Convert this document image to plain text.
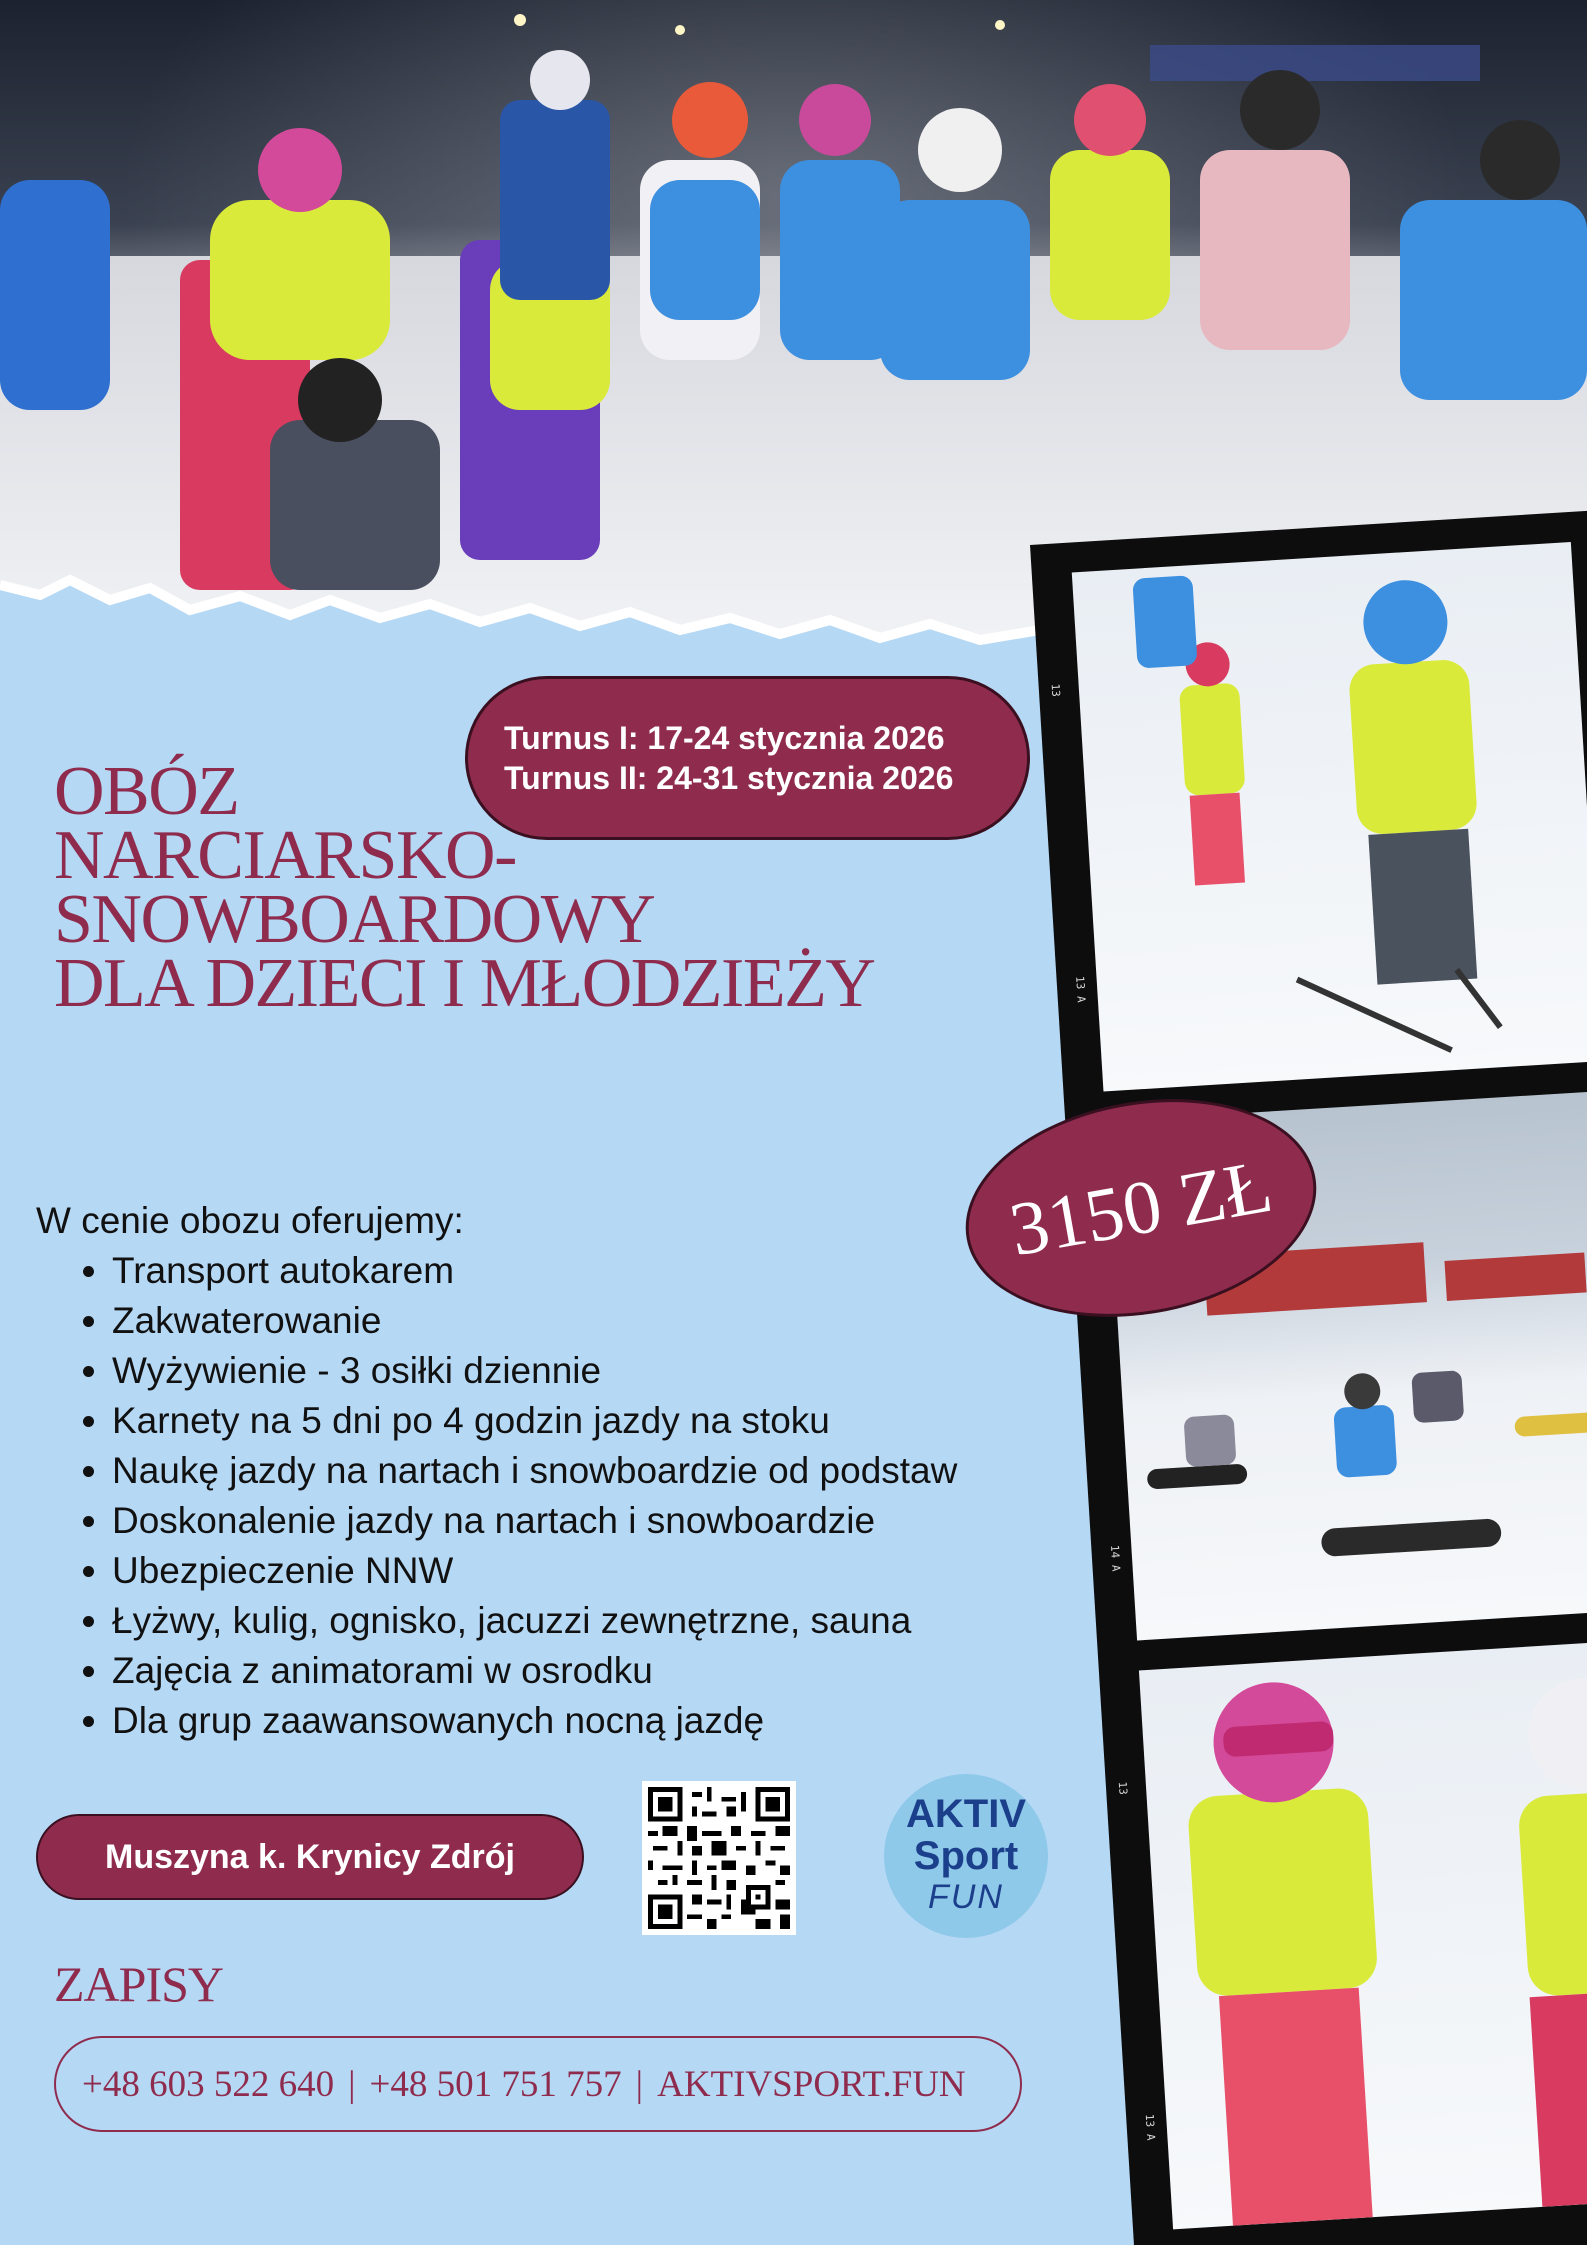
13
13 A
14 A
13
13 A
Turnus I: 17-24 stycznia 2026
Turnus II: 24-31 stycznia 2026
OBÓZ
NARCIARSKO-
SNOWBOARDOWY
DLA DZIECI I MŁODZIEŻY
3150 ZŁ
W cenie obozu oferujemy:
• Transport autokarem
• Zakwaterowanie
• Wyżywienie - 3 osiłki dziennie
• Karnety na 5 dni po 4 godzin jazdy na stoku
• Naukę jazdy na nartach i snowboardzie od podstaw
• Doskonalenie jazdy na nartach i snowboardzie
• Ubezpieczenie NNW
• Łyżwy, kulig, ognisko, jacuzzi zewnętrzne, sauna
• Zajęcia z animatorami w osrodku
• Dla grup zaawansowanych nocną jazdę
Muszyna k. Krynicy Zdrój
AKTIV
Sport
FUN
ZAPISY
+48 603 522 640 | +48 501 751 757 | AKTIVSPORT.FUN
